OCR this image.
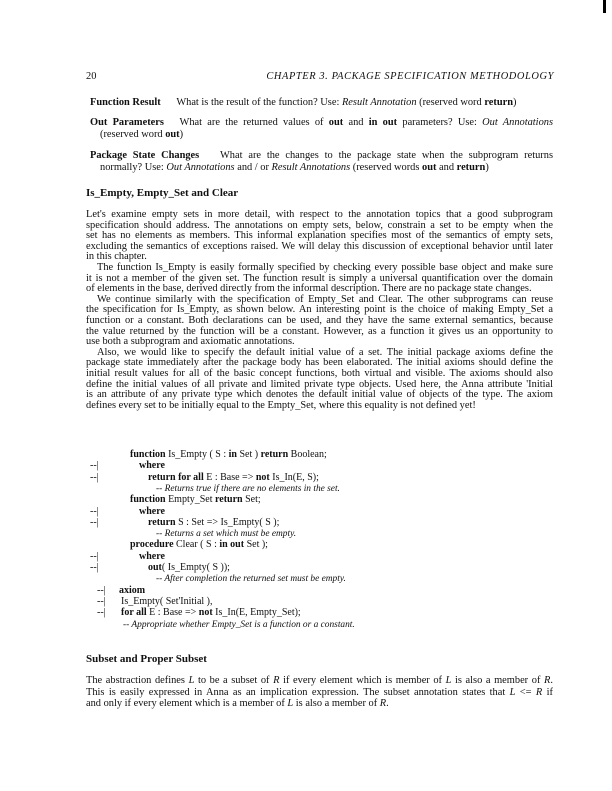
20	CHAPTER 3. PACKAGE SPECIFICATION METHODOLOGY
Is_Empty, Empty_Set and Clear
Subset and Proper Subset
Function Result  What is the result of the function? Use: Result Annotation (reserved word return)
Out Parameters  What are the returned values of out and in out parameters? Use: Out Annotations
(reserved word out)
Package State Changes  What are the changes to the package state when the subprogram returns
normally? Use: Out Annotations and / or Result Annotations (reserved words out and return)
Let's examine empty sets in more detail, with respect to the annotation topics that a good subprogram
specification should address. The annotations on empty sets, below, constrain a set to be empty when the
set has no elements as members. This informal explanation specifies most of the semantics of empty sets,
excluding the semantics of exceptions raised. We will delay this discussion of exceptional behavior until later
in this chapter.
The function Is_Empty is easily formally specified by checking every possible base object and make sure
it is not a member of the given set. The function result is simply a universal quantification over the domain
of elements in the base, derived directly from the informal description. There are no package state changes.
We continue similarly with the specification of Empty_Set and Clear. The other subprograms can reuse
the specification for Is_Empty, as shown below. An interesting point is the choice of making Empty_Set a
function or a constant. Both declarations can be used, and they have the same external semantics, because
the value returned by the function will be a constant. However, as a function it gives us an opportunity to
use both a subprogram and axiomatic annotations.
Also, we would like to specify the default initial value of a set. The initial package axioms define the
package state immediately after the package body has been elaborated. The initial axioms should define the
initial result values for all of the basic concept functions, both virtual and visible. The axioms should also
define the initial values of all private and limited private type objects. Used here, the Anna attribute 'Initial
is an attribute of any private type which denotes the default initial value of objects of the type. The axiom
defines every set to be initially equal to the Empty_Set, where this equality is not defined yet!
function Is_Empty ( S : in Set ) return Boolean;
--|	where
--|	return for all E : Base => not Is_In(E, S);
-- Returns true if there are no elements in the set.
function Empty_Set return Set;
--|	where
--|	return S : Set => Is_Empty( S );
-- Returns a set which must be empty.
procedure Clear ( S : in out Set );
--|	where
--|	out( Is_Empty( S ));
-- After completion the returned set must be empty.
--| axiom
--| Is_Empty( Set'Initial ),
--| for all E : Base => not Is_In(E, Empty_Set);
-- Appropriate whether Empty_Set is a function or a constant.
The abstraction defines L to be a subset of R if every element which is member of L is also a member of R.
This is easily expressed in Anna as an implication expression. The subset annotation states that L <= R if
and only if every element which is a member of L is also a member of R.
